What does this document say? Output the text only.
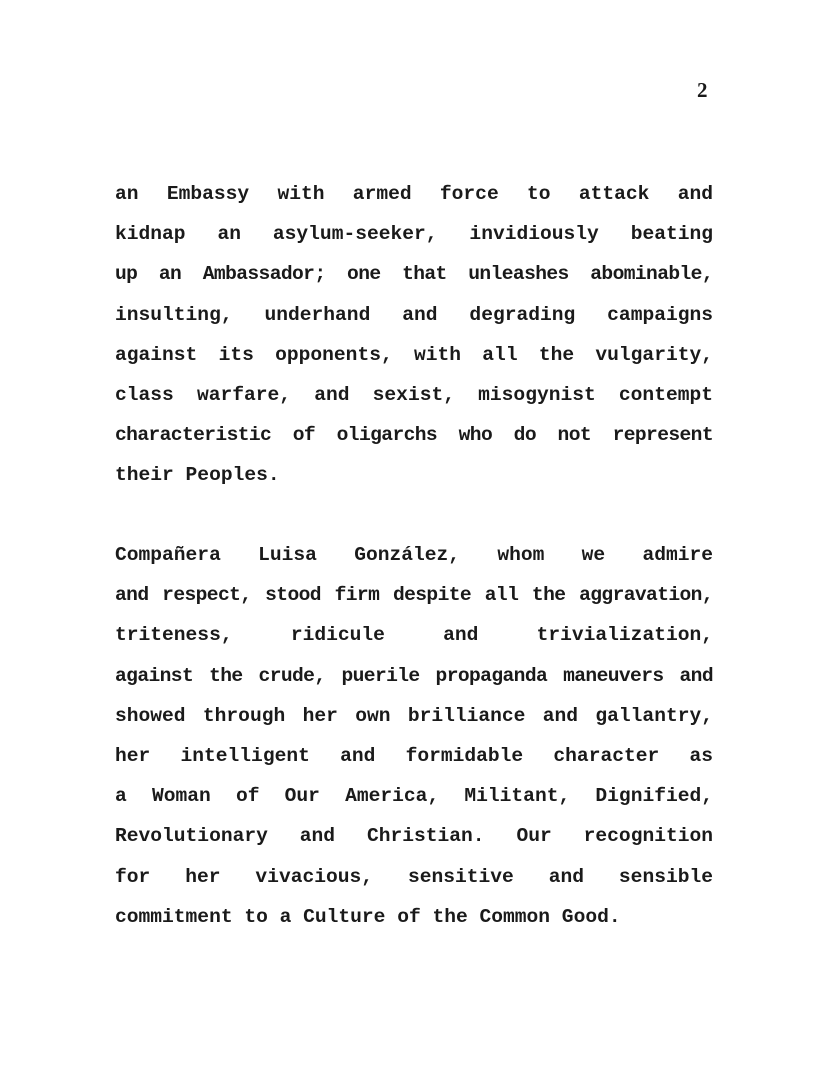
2
an Embassy with armed force to attack and
kidnap an asylum-seeker, invidiously beating
up an Ambassador; one that unleashes abominable,
insulting, underhand and degrading campaigns
against its opponents, with all the vulgarity,
class warfare, and sexist, misogynist contempt
characteristic of oligarchs who do not represent
their Peoples.
Compañera Luisa González, whom we admire
and respect, stood firm despite all the aggravation,
triteness, ridicule and trivialization,
against the crude, puerile propaganda maneuvers and
showed through her own brilliance and gallantry,
her intelligent and formidable character as
a Woman of Our America, Militant, Dignified,
Revolutionary and Christian. Our recognition
for her vivacious, sensitive and sensible
commitment to a Culture of the Common Good.
